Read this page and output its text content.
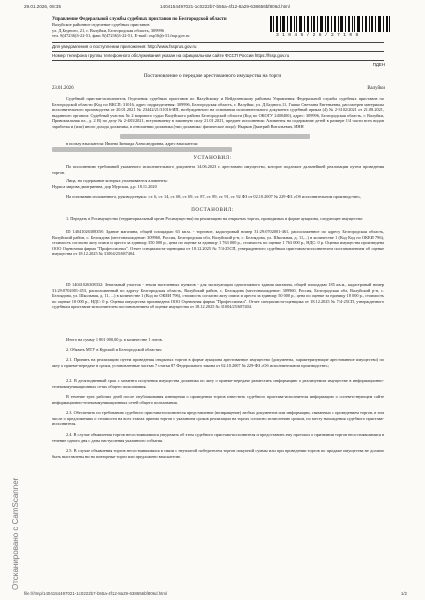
29.01.2026, 08:35	1404154497021-1c0222b7-b55a-4f12-8a29-638656bf806d.html
Управление Федеральной службы судебных приставов по Белгородской области
Валуйское районное отделение судебных приставов
ул. Д.Бедного, 21, г. Валуйки, Белгородская область, 309996
тел. 8(47236)3-22-51, факс 8(47236)3-22-51, E-mail: osp16@r31.fssp.gov.ru	3 1 0 4 5 / 2 6 / 2 7 1 0 8
Для уведомления о поступлении приложения: http://www.fssprus.gov.ru
Номер телефона группы телефонного обслуживания указан на официальном сайте ФССП России https://fssp.gov.ru
ПДЕН
Постановление о передаче арестованного имущества на торги
23.01.2026	Валуйки
Судебный пристав-исполнитель Отделения судебных приставов по Валуйскому и Вейделевскому районам Управления Федеральной службы судебных приставов по Белгородской области (Код по ВКСП: 31016, адрес подразделения: 309996, Белгородская область, г. Валуйки, ул. Д.Бедного,11, Гашко Светлана Евгеньевна, рассмотрев материалы исполнительного производства от 20.01.2021 № 23442/21/31016-ИП, возбужденного на основании исполнительного документа судебный приказ (4) № 2-3102/2021 от 21.08.2021, выданного органом: Судебный участок № 2 мирового судьи Валуйского района Белгородской области (Код по ОКОГУ 2400400), адрес: 309996, Белгородская область, г. Валуйки, Привокзальная пл., д. 2 В) по делу № 2-483/2021, вступившему в законную силу 21.01.2021, предмет исполнения: Алименты на содержание детей в размере 1/4 части всех видов заработка и (или) иного дохода должника, в отношении должника (тип должника: физическое лицо): Нырков Дмитрий Витальевич, ИНН
в пользу взыскателя: Ивлева Зинаида Александровна, адрес взыскателя:
УСТАНОВИЛ:
По исполнению требований указанного исполнительного документа 14.06.2023 г. арестовано имущество, которое подлежит дальнейшей реализации путем проведения торгов.
Лица, на содержание которых уплачиваются алименты:
Нуркса мирова дмитриевна, дор Мурская, д.р. 18.11.2020
На основании изложенного, руководствуясь: ст. 6, ст. 14, ст. 68, ст. 69, ст. 87, ст. 89, ст. 91, ст. 92 ФЗ от 02.10.2007 № 229-ФЗ «Об исполнительном производстве»,
ПОСТАНОВИЛ:
1. Передать в Росимущество (территориальный орган Росимущества) на реализацию на открытых торгах, проводимых в форме аукциона, следующее имущество:
ID 14041026308358: Здание магазина, общей площадью 63 кв.м. - торговое, кадастровый номер 31:29:0702001-461, расположенное по адресу Белгородская область, Валуйский район, с. Белоядова (местонахождение: 309960, Россия, Белгородская обл, Валуйский р-н, с. Белоядова, ул. Школьная, д. 11,...) в количестве 1 (Код Код по ОКЕИ 796), стоимость согласно акту описи и ареста за единицу 350 000 р., цена по оценке за единицу 1 763 000 р., стоимость по оценке 1 763 000 р., НДС: 0 р. Оценка имущества произведена ООО Оценочная фирма "Профессионал". Отчет специалиста-оценщика от 18.12.2025 № 7/4-25СП, утвержденного судебным приставом-исполнителем постановлением об оценке имущества от 18.12.2025 № 31004/25/687404.
ID 14041026308332: Земельный участок - земли населенных пунктов - для эксплуатации одноэтажного здания магазина, общей площадью 185 кв.м., кадастровый номер 31:29:0702001-453, расположенный по адресу Белгородская область, Валуйский район, с. Белоядова (местонахождение: 309960, Россия, Белгородская обл, Валуйский р-н, с. Белоядова, ул. Школьная, д. 11, ...) в количестве 1 (Код по ОКЕИ 796), стоимость согласно акту описи и ареста за единицу 50 000 р., цена по оценке за единицу 18 000 р., стоимость по оценке 18 000 р., НДС: 0 р. Оценка имущества произведена ООО Оценочная фирма "Профессионал". Отчет специалиста-оценщика от 18.12.2025 № 7/4-25СП, утвержденного судебным приставом-исполнителем постановлением об оценке имущества от 18.12.2025 № 31004/25/687404.
Итого на сумму 1 801 000,00 р. в количестве 1 лотов.
2. Обязать МТУ в Курской и Белгородской областях:
2.1. Принять на реализацию путем проведения открытых торгов в форме аукциона арестованное имущество (документы, характеризующие арестованное имущество) по акту о приеме-передаче в сроки, установленные частью 7 статьи 87 Федерального закона от 02.10.2007 № 229-ФЗ «Об исполнительном производстве»;
2.2. В десятидневный срок с момента получения имущества должника по акту о приеме-передаче разместить информацию о реализуемом имуществе в информационно-телекоммуникационных сетях общего пользования.
В течение трех рабочих дней после опубликования извещения о проведении торгов известить судебного пристава-исполнителя информацию о соответствующем сайте информационно-телекоммуникационных сетей общего пользования.
2.3. Обеспечить по требованию судебного пристава-исполнителя представление (возвращение) любых документов или информации, связанных с проведением торгов, в том числе о предложениях о стоимости на всех этапах приема торгов с указанием сроков реализации на торгах согласно исчислению сроком, по месту нахождения судебного пристава-исполнителя.
2.4. В случае объявления торгов несостоявшимися уведомить об этом судебного пристава-исполнителя и предоставить ему протокол о признании торгов несостоявшимися в течение одного дня с даты наступления указанного события.
2.5. В случае объявления торгов несостоявшимися в связи с неуплатой победителем торгов покупной суммы или при проведении торгов по продаже имущества не должно быть выставлены ни на повторные торги или предложено взыскателю.
Отсканировано с CamScanner
file:///tmp/1404154497021-1c0222b7-b55a-4f12-8a29-638656bf806d.html	1/2
